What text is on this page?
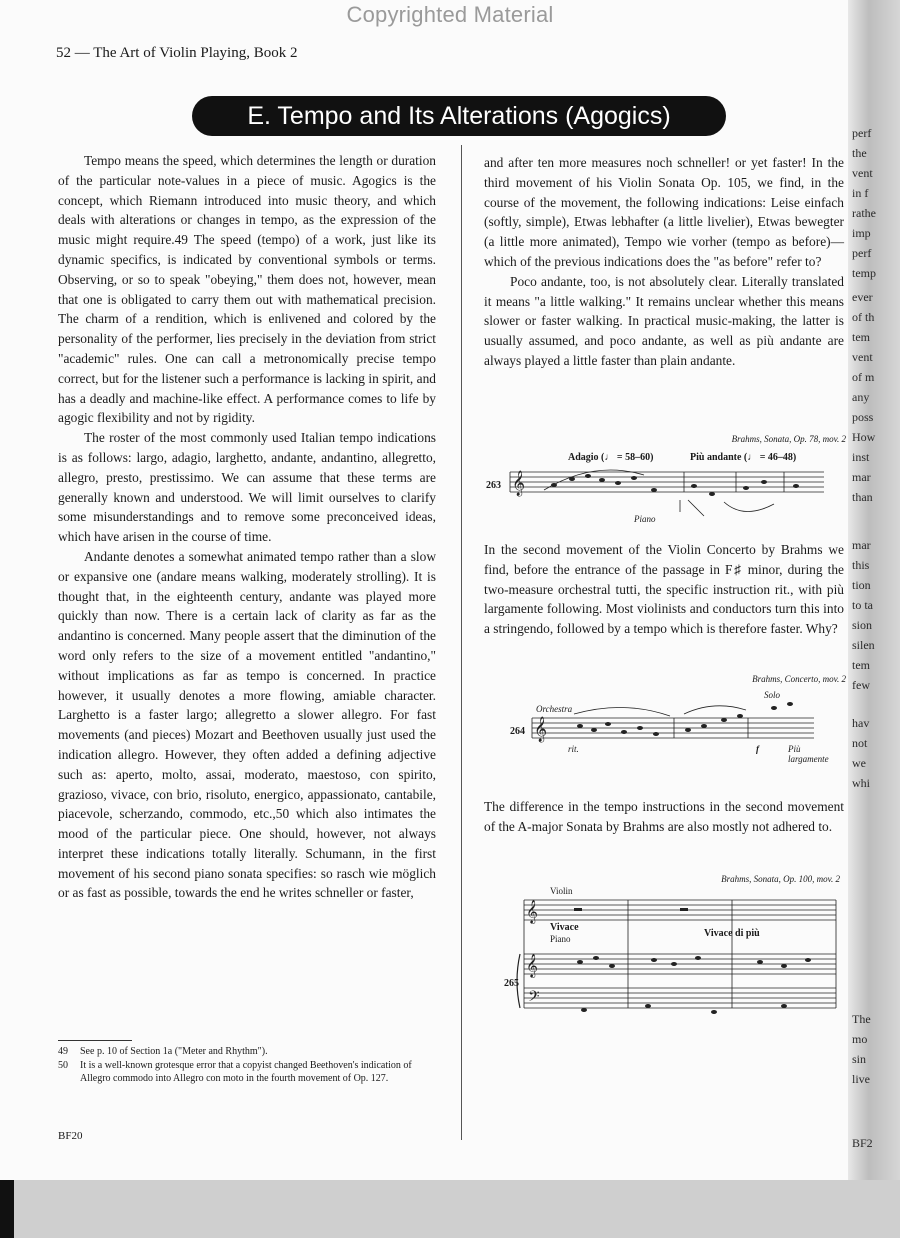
52 — The Art of Violin Playing, Book 2
E. Tempo and Its Alterations (Agogics)

Tempo means the speed, which determines the length or duration of the particular note-values in a piece of music. Agogics is the concept, which Riemann introduced into music theory, and which deals with alterations or changes in tempo, as the expression of the music might require.49 The speed (tempo) of a work, just like its dynamic specifics, is indicated by conventional symbols or terms. Observing, or so to speak "obeying," them does not, however, mean that one is obligated to carry them out with mathematical precision. The charm of a rendition, which is enlivened and colored by the personality of the performer, lies precisely in the deviation from strict "academic" rules. One can call a metronomically precise tempo correct, but for the listener such a performance is lacking in spirit, and has a deadly and machine-like effect. A performance comes to life by agogic flexibility and not by rigidity.

The roster of the most commonly used Italian tempo indications is as follows: largo, adagio, larghetto, andante, andantino, allegretto, allegro, presto, prestissimo. We can assume that these terms are generally known and understood. We will limit ourselves to clarify some misunderstandings and to remove some preconceived ideas, which have arisen in the course of time.

Andante denotes a somewhat animated tempo rather than a slow or expansive one (andare means walking, moderately strolling). It is thought that, in the eighteenth century, andante was played more quickly than now. There is a certain lack of clarity as far as the andantino is concerned. Many people assert that the diminution of the word only refers to the size of a movement entitled "andantino," without implications as far as tempo is concerned. In practice however, it usually denotes a more flowing, amiable character. Larghetto is a faster largo; allegretto a slower allegro. For fast movements (and pieces) Mozart and Beethoven usually just used the indication allegro. However, they often added a defining adjective such as: aperto, molto, assai, moderato, maestoso, con spirito, grazioso, vivace, con brio, risoluto, energico, appassionato, cantabile, piacevole, scherzando, commodo, etc.,50 which also intimates the mood of the particular piece. One should, however, not always interpret these indications totally literally. Schumann, in the first movement of his second piano sonata specifies: so rasch wie möglich or as fast as possible, towards the end he writes schneller or faster,

and after ten more measures noch schneller! or yet faster! In the third movement of his Violin Sonata Op. 105, we find, in the course of the movement, the following indications: Leise einfach (softly, simple), Etwas lebhafter (a little livelier), Etwas bewegter (a little more animated), Tempo wie vorher (tempo as before)—which of the previous indications does the "as before" refer to?

Poco andante, too, is not absolutely clear. Literally translated it means "a little walking." It remains unclear whether this means slower or faster walking. In practical music-making, the latter is usually assumed, and poco andante, as well as più andante are always played a little faster than plain andante.

Brahms, Sonata, Op. 78, mov. 2
Adagio (♩ = 58–60)	Più andante (♩ = 46–48)
263
Piano
𝄞

In the second movement of the Violin Concerto by Brahms we find, before the entrance of the passage in F♯ minor, during the two-measure orchestral tutti, the specific instruction rit., with più largamente following. Most violinists and conductors turn this into a stringendo, followed by a tempo which is therefore faster. Why?

Brahms, Concerto, mov. 2
Orchestra
Solo
Più largamente
rit.	f
264 𝄞

The difference in the tempo instructions in the second movement of the A-major Sonata by Brahms are also mostly not adhered to.

Brahms, Sonata, Op. 100, mov. 2
Violin
Vivace
Piano	Vivace di più
265
𝄞
𝄞
𝄢
49	See p. 10 of Section 1a ("Meter and Rhythm").
50	It is a well-known grotesque error that a copyist changed Beethoven's indication of Allegro commodo into Allegro con moto in the fourth movement of Op. 127.
BF20
perf
the
vent
in f
rathe
imp
perf
temp
ever
of th
tem
vent
of m
any
poss
How
inst
mar
than
mar
this
tion
to ta
sion
silen
tem
few
hav
not
we
whi
The
mo
sin
live
BF2
Copyrighted Material
